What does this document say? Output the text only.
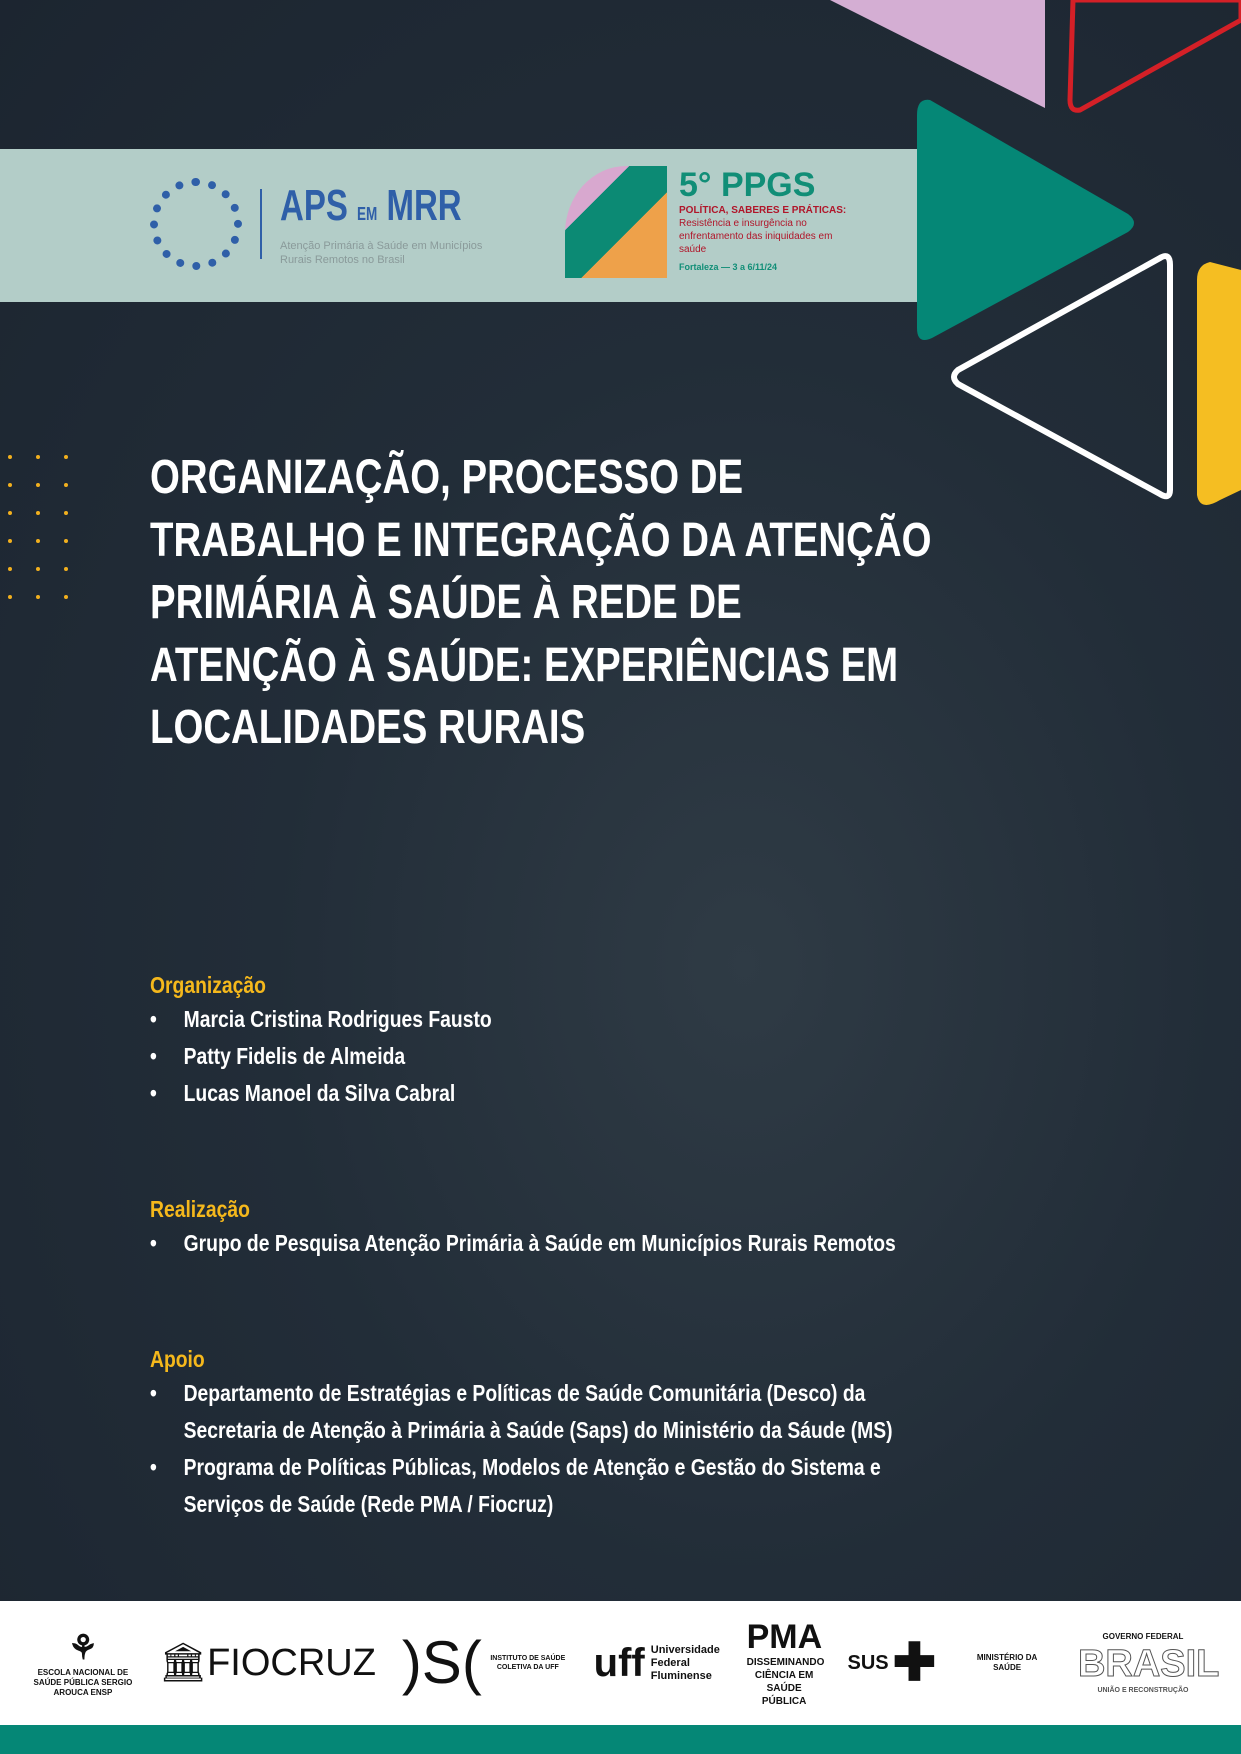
APS EM MRR
Atenção Primária à Saúde em Municípios Rurais Remotos no Brasil
5° PPGS
POLÍTICA, SABERES E PRÁTICAS:
Resistência e insurgência no enfrentamento das iniquidades em saúde
Fortaleza — 3 a 6/11/24
ORGANIZAÇÃO, PROCESSO DE
TRABALHO E INTEGRAÇÃO DA ATENÇÃO
PRIMÁRIA À SAÚDE À REDE DE
ATENÇÃO À SAÚDE: EXPERIÊNCIAS EM
LOCALIDADES RURAIS
Organização
• Marcia Cristina Rodrigues Fausto
• Patty Fidelis de Almeida
• Lucas Manoel da Silva Cabral
Realização
• Grupo de Pesquisa Atenção Primária à Saúde em Municípios Rurais Remotos
Apoio
• Departamento de Estratégias e Políticas de Saúde Comunitária (Desco) da Secretaria de Atenção à Primária à Saúde (Saps) do Ministério da Sáude (MS)
• Programa de Políticas Públicas, Modelos de Atenção e Gestão do Sistema e Serviços de Saúde (Rede PMA / Fiocruz)
⚘
ESCOLA NACIONAL DE SAÚDE PÚBLICA SERGIO AROUCA ENSP
🏛FIOCRUZ )S(	INSTITUTO DE SAÚDE COLETIVA DA UFF uff Universidade Federal Fluminense
PMA
DISSEMINANDO CIÊNCIA EM SAÚDE PÚBLICA
SUS ✚	MINISTÉRIO DA SAÚDE
GOVERNO FEDERAL
BRASIL
UNIÃO E RECONSTRUÇÃO
